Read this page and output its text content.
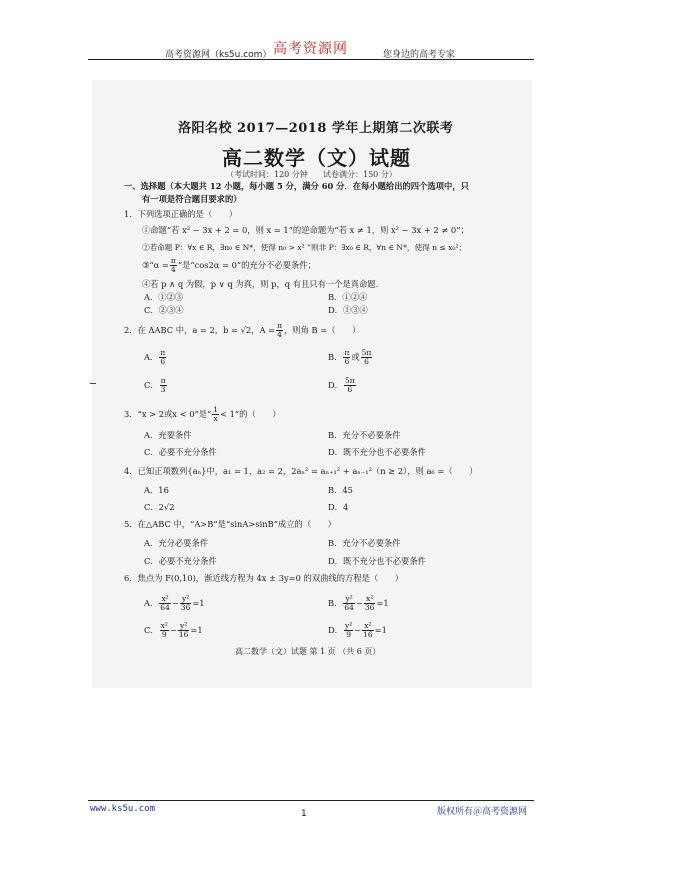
高考资源网（ks5u.com） 高考资源网	您身边的高考专家
洛阳名校 2017—2018 学年上期第二次联考
高二数学（文）试题
（考试时间：120 分钟 试卷满分：150 分）
一、选择题（本大题共 12 小题，每小题 5 分，满分 60 分．在每小题给出的四个选项中，只
有一项是符合题目要求的）
1．下列选项正确的是（　　）
①命题“若 x² − 3x + 2 = 0，则 x = 1”的逆命题为“若 x ≠ 1，则 x² − 3x + 2 ≠ 0”；
②若命题 P：∀x ∈ R，∃n₀ ∈ N*，使得 n₀ > x² ”则非 P：∃x₀ ∈ R，∀n ∈ N*，使得 n ≤ x₀²；
③“α = $\frac{\pi}{4}$ ”是“cos2α = 0”的充分不必要条件；
④若 p ∧ q 为假，p ∨ q 为真，则 p，q 有且只有一个是真命题．
A．①②③	B．①②④
C．②③④	D．①③④
2．在 ΔABC 中，a = 2，b = √2，$A = \frac{\pi}{4}$ ，则角 B =（　　）
A． $\frac{\pi}{6}$	B． $\frac{\pi}{6}$ 或 $\frac{5\pi}{6}$
C． $\frac{\pi}{3}$	D． $\frac{5\pi}{6}$
3．“x > 2或x < 0”是“ $\frac{1}{x} < 1$”的（　　）
A．充要条件	B．充分不必要条件
C．必要不充分条件	D．既不充分也不必要条件
4．已知正项数列{aₙ}中，a₁ = 1，a₂ = 2，2aₙ² = aₙ₊₁² + aₙ₋₁²（n ≥ 2），则 a₆ =（　　）
A．16	B．45
C．2√2	D．4
5．在△ABC 中，“A>B”是“sinA>sinB”成立的（　　）
A．充分必要条件	B．充分不必要条件
C．必要不充分条件	D．既不充分也不必要条件
6．焦点为 F(0,10)，渐近线方程为 4x ± 3y=0 的双曲线的方程是（　　）
A． $\frac{\text{x²}}{64} - \frac{\text{y²}}{36} =1$	B． $\frac{\text{y²}}{64} - \frac{\text{x²}}{36} =1$
C． $\frac{\text{x²}}{9} - \frac{\text{y²}}{16} =1$	D． $\frac{\text{y²}}{9} - \frac{\text{x²}}{16} =1$
高二数学（文）试题 第 1 页 （共 6 页）
www.ks5u.com	1	版权所有＠高考资源网
